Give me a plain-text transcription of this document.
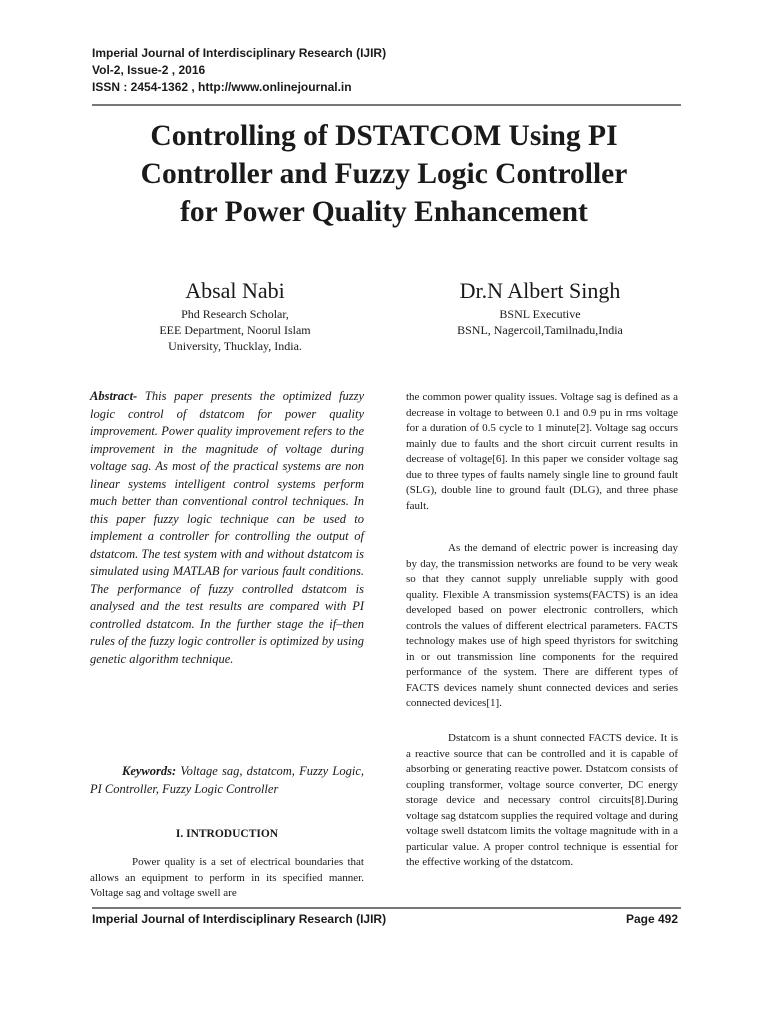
Imperial Journal of Interdisciplinary Research (IJIR)
Vol-2, Issue-2 , 2016
ISSN : 2454-1362 , http://www.onlinejournal.in
Controlling of DSTATCOM Using PI
Controller and Fuzzy Logic Controller
for Power Quality Enhancement
Absal Nabi
Phd Research Scholar,
EEE Department, Noorul Islam
University, Thucklay, India.
Dr.N Albert Singh
BSNL Executive
BSNL, Nagercoil,Tamilnadu,India
Abstract- This paper presents the optimized fuzzy logic control of dstatcom for power quality improvement. Power quality improvement refers to the improvement in the magnitude of voltage during voltage sag. As most of the practical systems are non linear systems intelligent control systems perform much better than conventional control techniques. In this paper fuzzy logic technique can be used to implement a controller for controlling the output of dstatcom. The test system with and without dstatcom is simulated using MATLAB for various fault conditions. The performance of fuzzy controlled dstatcom is analysed and the test results are compared with PI controlled dstatcom. In the further stage the if–then rules of the fuzzy logic controller is optimized by using genetic algorithm technique.
Keywords: Voltage sag, dstatcom, Fuzzy Logic, PI Controller, Fuzzy Logic Controller
I. INTRODUCTION
Power quality is a set of electrical boundaries that allows an equipment to perform in its specified manner. Voltage sag and voltage swell are
the common power quality issues. Voltage sag is defined as a decrease in voltage to between 0.1 and 0.9 pu in rms voltage for a duration of 0.5 cycle to 1 minute[2]. Voltage sag occurs mainly due to faults and the short circuit current results in decrease of voltage[6]. In this paper we consider voltage sag due to three types of faults namely single line to ground fault (SLG), double line to ground fault (DLG), and three phase fault.
As the demand of electric power is increasing day by day, the transmission networks are found to be very weak so that they cannot supply unreliable supply with good quality. Flexible A transmission systems(FACTS) is an idea developed based on power electronic controllers, which controls the values of different electrical parameters. FACTS technology makes use of high speed thyristors for switching in or out transmission line components for the required performance of the system. There are different types of FACTS devices namely shunt connected devices and series connected devices[1].
Dstatcom is a shunt connected FACTS device. It is a reactive source that can be controlled and it is capable of absorbing or generating reactive power. Dstatcom consists of coupling transformer, voltage source converter, DC energy storage device and necessary control circuits[8].During voltage sag dstatcom supplies the required voltage and during voltage swell dstatcom limits the voltage magnitude with in a particular value. A proper control technique is essential for the effective working of the dstatcom.
Imperial Journal of Interdisciplinary Research (IJIR)	Page 492
